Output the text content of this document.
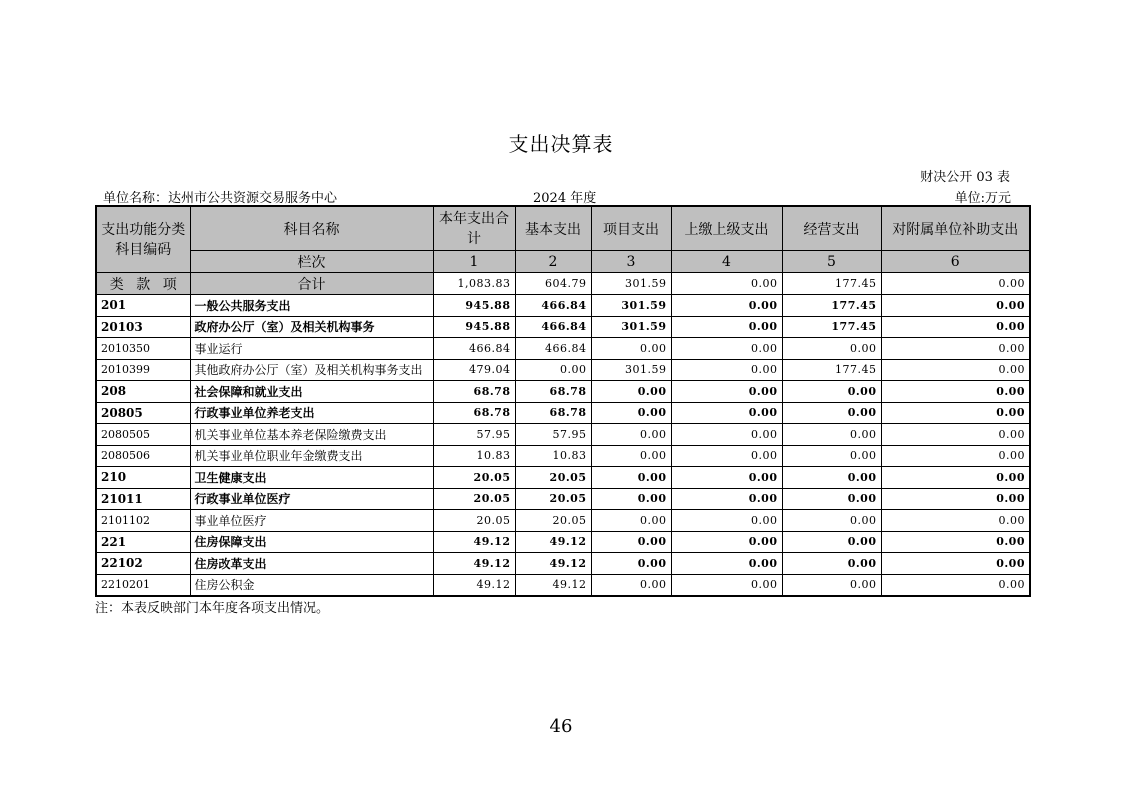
支出决算表
财决公开 03 表
单位名称：达州市公共资源交易服务中心	2024 年度	单位:万元
支出功能分类科目编码	科目名称	本年支出合计	基本支出	项目支出	上缴上级支出	经营支出	对附属单位补助支出
	栏次	1	2	3	4	5	6
类 款 项	合计	1,083.83	604.79	301.59	0.00	177.45	0.00
201	一般公共服务支出	945.88	466.84	301.59	0.00	177.45	0.00
20103	政府办公厅（室）及相关机构事务	945.88	466.84	301.59	0.00	177.45	0.00
2010350	事业运行	466.84	466.84	0.00	0.00	0.00	0.00
2010399	其他政府办公厅（室）及相关机构事务支出	479.04	0.00	301.59	0.00	177.45	0.00
208	社会保障和就业支出	68.78	68.78	0.00	0.00	0.00	0.00
20805	行政事业单位养老支出	68.78	68.78	0.00	0.00	0.00	0.00
2080505	机关事业单位基本养老保险缴费支出	57.95	57.95	0.00	0.00	0.00	0.00
2080506	机关事业单位职业年金缴费支出	10.83	10.83	0.00	0.00	0.00	0.00
210	卫生健康支出	20.05	20.05	0.00	0.00	0.00	0.00
21011	行政事业单位医疗	20.05	20.05	0.00	0.00	0.00	0.00
2101102	事业单位医疗	20.05	20.05	0.00	0.00	0.00	0.00
221	住房保障支出	49.12	49.12	0.00	0.00	0.00	0.00
22102	住房改革支出	49.12	49.12	0.00	0.00	0.00	0.00
2210201	住房公积金	49.12	49.12	0.00	0.00	0.00	0.00
注：本表反映部门本年度各项支出情况。
46
